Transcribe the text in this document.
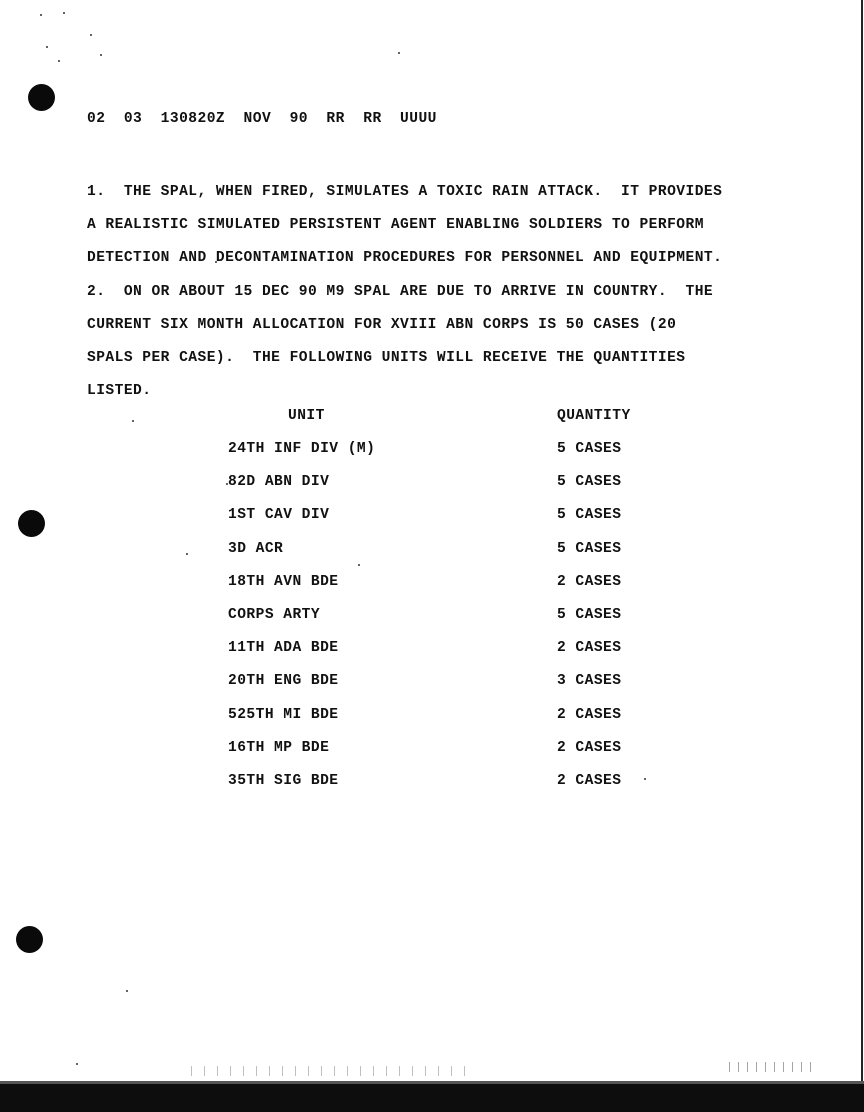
02  03  130820Z  NOV  90  RR  RR  UUUU

1.  THE SPAL, WHEN FIRED, SIMULATES A TOXIC RAIN ATTACK.  IT PROVIDES

A REALISTIC SIMULATED PERSISTENT AGENT ENABLING SOLDIERS TO PERFORM

DETECTION AND DECONTAMINATION PROCEDURES FOR PERSONNEL AND EQUIPMENT.

2.  ON OR ABOUT 15 DEC 90 M9 SPAL ARE DUE TO ARRIVE IN COUNTRY.  THE

CURRENT SIX MONTH ALLOCATION FOR XVIII ABN CORPS IS 50 CASES (20

SPALS PER CASE).  THE FOLLOWING UNITS WILL RECEIVE THE QUANTITIES

LISTED.

UNIT	QUANTITY
24TH INF DIV (M)	5 CASES
82D ABN DIV	5 CASES
1ST CAV DIV	5 CASES
3D ACR	5 CASES
18TH AVN BDE	2 CASES
CORPS ARTY	5 CASES
11TH ADA BDE	2 CASES
20TH ENG BDE	3 CASES
525TH MI BDE	2 CASES
16TH MP BDE	2 CASES
35TH SIG BDE	2 CASES
